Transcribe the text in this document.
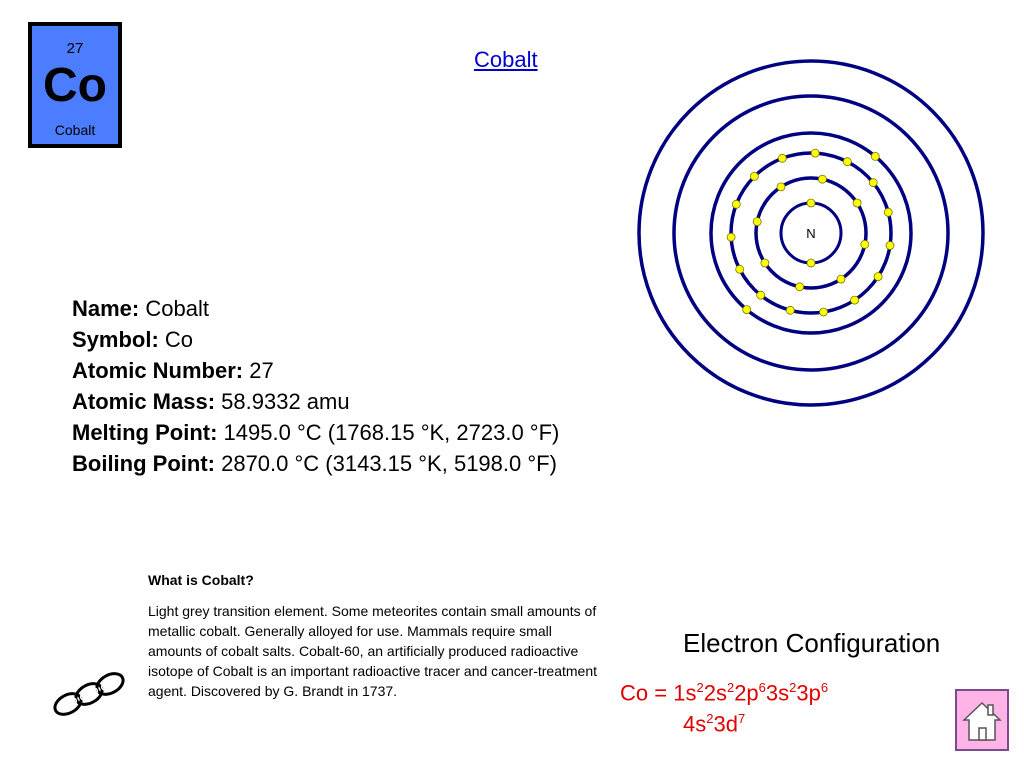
27
Co
Cobalt
Cobalt
N
Name: Cobalt
Symbol: Co
Atomic Number: 27
Atomic Mass: 58.9332 amu
Melting Point: 1495.0 °C (1768.15 °K, 2723.0 °F)
Boiling Point: 2870.0 °C (3143.15 °K, 5198.0 °F)
What is Cobalt?
Light grey transition element. Some meteorites contain small amounts of metallic cobalt. Generally alloyed for use. Mammals require small amounts of cobalt salts. Cobalt-60, an artificially produced radioactive isotope of Cobalt is an important radioactive tracer and cancer-treatment agent. Discovered by G. Brandt in 1737.
Electron Configuration
$Co = 1s^22s^22p^63s^23p^6$
$4s^23d^7$
